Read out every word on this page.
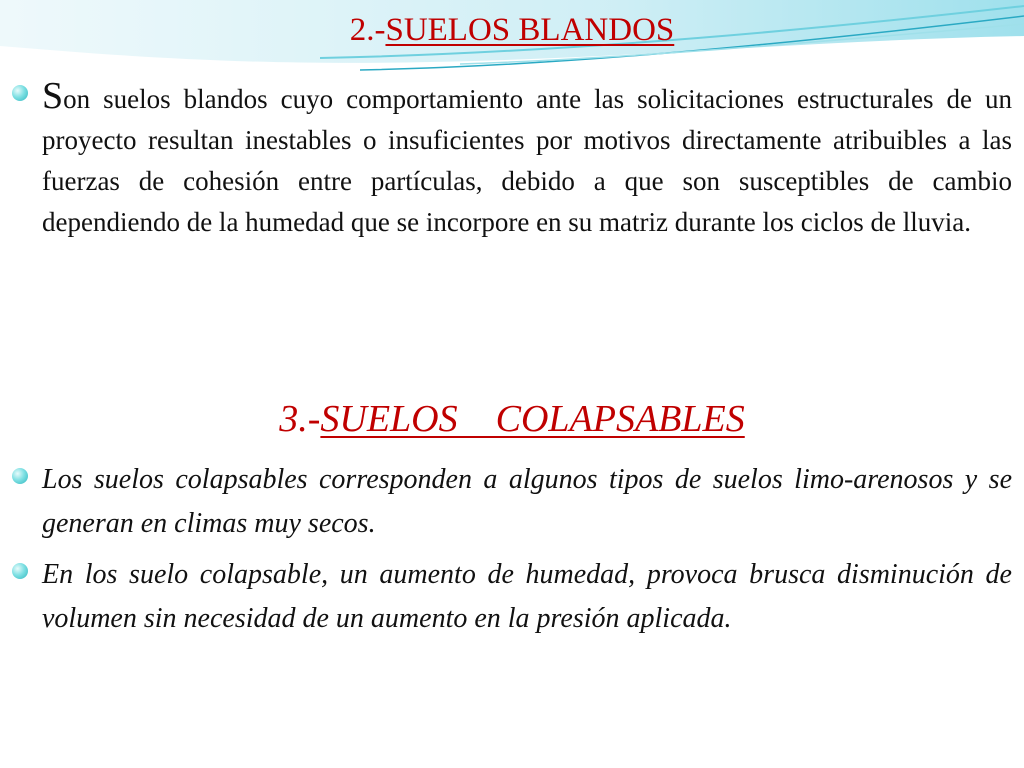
2.-SUELOS BLANDOS
Son suelos blandos cuyo comportamiento ante las solicitaciones estructurales de un proyecto resultan inestables o insuficientes por motivos directamente atribuibles a las fuerzas de cohesión entre partículas, debido a que son susceptibles de cambio dependiendo de la humedad que se incorpore en su matriz durante los ciclos de lluvia.
3.-SUELOS    COLAPSABLES
Los suelos colapsables corresponden a algunos tipos de suelos limo-arenosos y se generan en climas muy secos.
En los suelo colapsable, un aumento de humedad, provoca brusca disminución de volumen sin necesidad de un aumento en la presión aplicada.
